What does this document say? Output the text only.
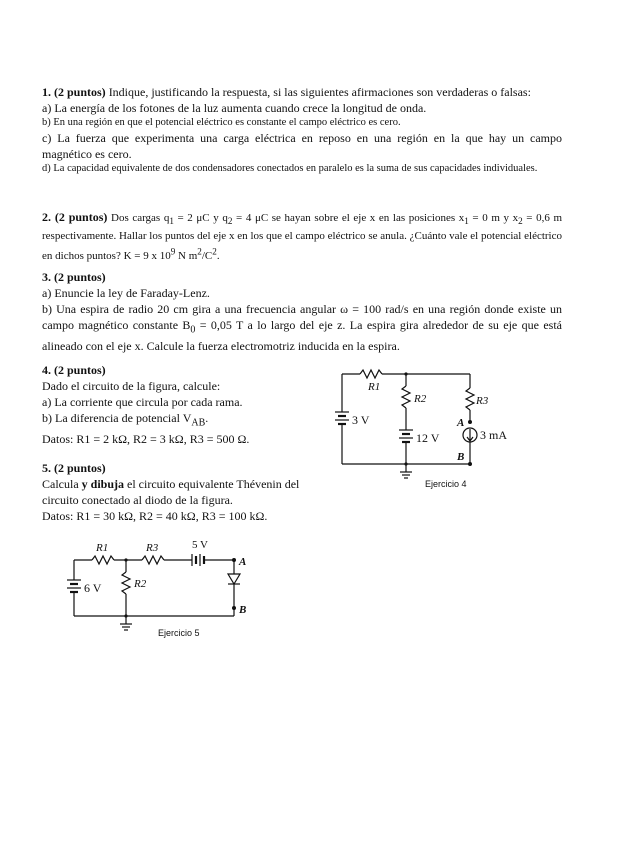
1. (2 puntos) Indique, justificando la respuesta, si las siguientes afirmaciones son verdaderas o falsas:

a) La energía de los fotones de la luz aumenta cuando crece la longitud de onda.

b) En una región en que el potencial eléctrico es constante el campo eléctrico es cero.

c) La fuerza que experimenta una carga eléctrica en reposo en una región en la que hay un campo magnético es cero.

d) La capacidad equivalente de dos condensadores conectados en paralelo es la suma de sus capacidades individuales.

2. (2 puntos) Dos cargas $q_1 = 2$ μC y $q_2 = 4$ μC se hayan sobre el eje x en las posiciones $x_1 = 0$ m y $x_2 = 0,6$ m respectivamente. Hallar los puntos del eje x en los que el campo eléctrico se anula. ¿Cuánto vale el potencial eléctrico en dichos puntos? K = 9 x $10^9$ N $m^2/C^2$.

3. (2 puntos)

a) Enuncie la ley de Faraday-Lenz.

b) Una espira de radio 20 cm gira a una frecuencia angular ω = 100 rad/s en una región donde existe un campo magnético constante $B_0 = 0,05$ T a lo largo del eje z. La espira gira alrededor de su eje que está alineado con el eje x. Calcule la fuerza electromotriz inducida en la espira.

4. (2 puntos)

Dado el circuito de la figura, calcule:

a) La corriente que circula por cada rama.

b) La diferencia de potencial $V_{AB}$.

Datos: R1 = 2 kΩ, R2 = 3 kΩ, R3 = 500 Ω.

5. (2 puntos)

Calcula y dibuja el circuito equivalente Thévenin del circuito conectado al diodo de la figura.

Datos: R1 = 30 kΩ, R2 = 40 kΩ, R3 = 100 kΩ.

R1
R2	R3
3 V
12 V	3 mA
A
B
Ejercicio 4
R1	R3	5 V
R2
6 V
A
B
Ejercicio 5
